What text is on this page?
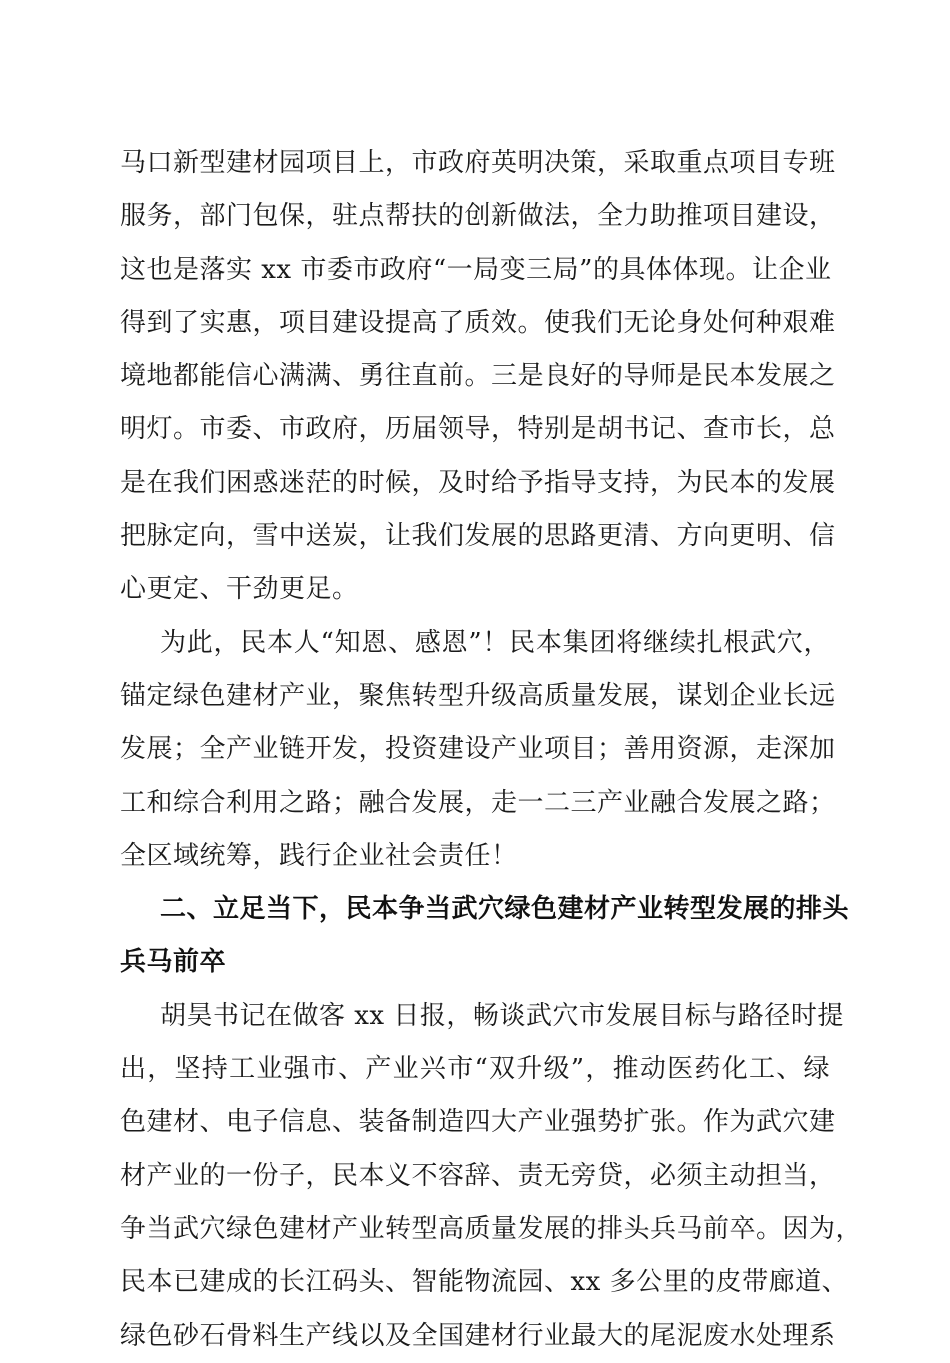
马口新型建材园项目上，市政府英明决策，采取重点项目专班
服务，部门包保，驻点帮扶的创新做法，全力助推项目建设，
这也是落实 xx 市委市政府“一局变三局”的具体体现。让企业
得到了实惠，项目建设提高了质效。使我们无论身处何种艰难
境地都能信心满满、勇往直前。三是良好的导师是民本发展之
明灯。市委、市政府，历届领导，特别是胡书记、查市长，总
是在我们困惑迷茫的时候，及时给予指导支持，为民本的发展
把脉定向，雪中送炭，让我们发展的思路更清、方向更明、信
心更定、干劲更足。
为此，民本人“知恩、感恩”！民本集团将继续扎根武穴，
锚定绿色建材产业，聚焦转型升级高质量发展，谋划企业长远
发展；全产业链开发，投资建设产业项目；善用资源，走深加
工和综合利用之路；融合发展，走一二三产业融合发展之路；
全区域统筹，践行企业社会责任！
二、立足当下，民本争当武穴绿色建材产业转型发展的排头
兵马前卒
胡昊书记在做客 xx 日报，畅谈武穴市发展目标与路径时提
出，坚持工业强市、产业兴市“双升级”，推动医药化工、绿
色建材、电子信息、装备制造四大产业强势扩张。作为武穴建
材产业的一份子，民本义不容辞、责无旁贷，必须主动担当，
争当武穴绿色建材产业转型高质量发展的排头兵马前卒。因为，
民本已建成的长江码头、智能物流园、xx 多公里的皮带廊道、
绿色砂石骨料生产线以及全国建材行业最大的尾泥废水处理系
